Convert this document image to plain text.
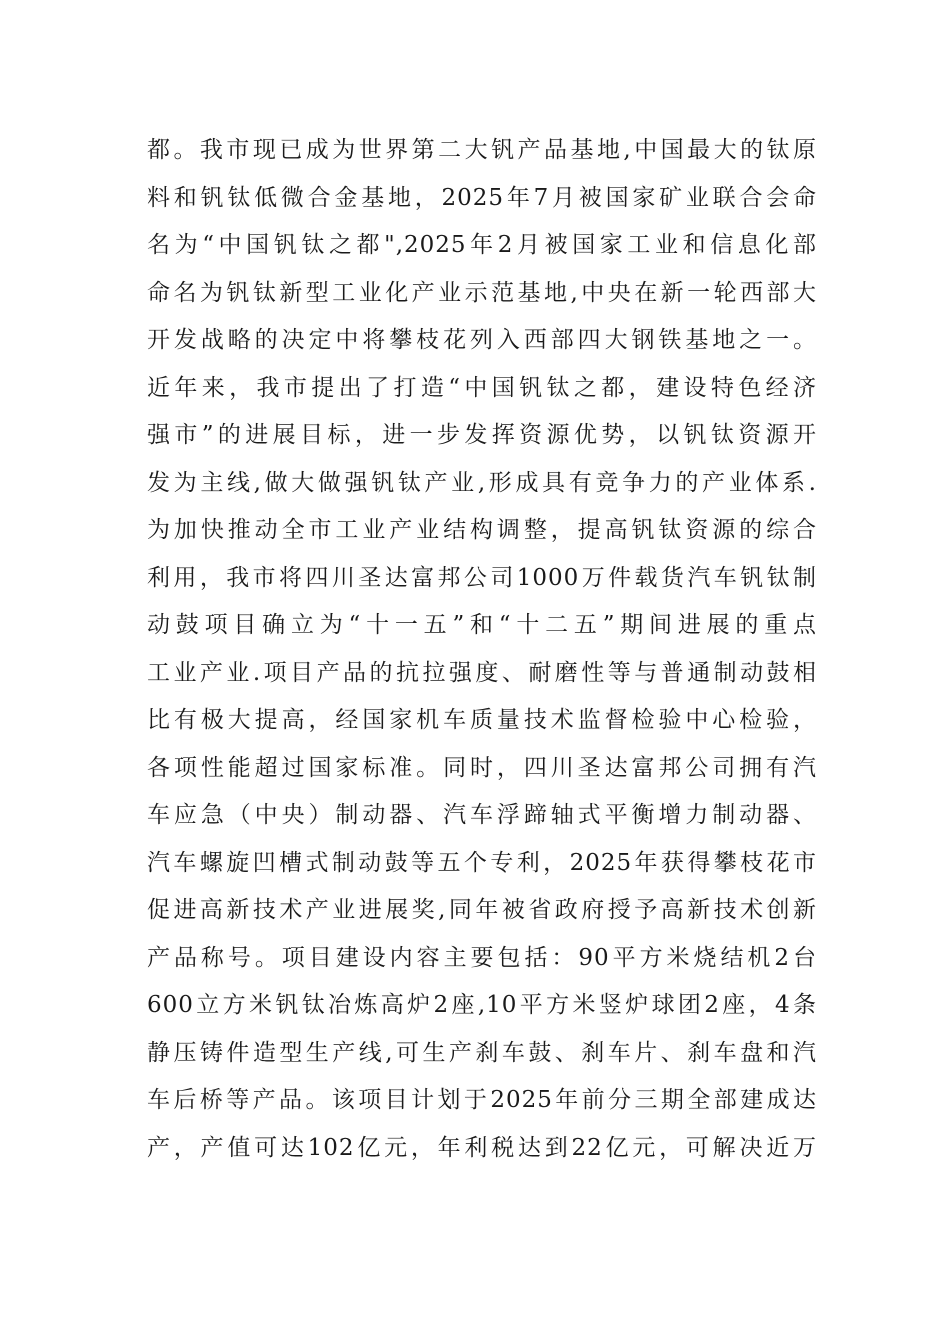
都。我市现已成为世界第二大钒产品基地,中国最大的钛原
料和钒钛低微合金基地，2025年7月被国家矿业联合会命
名为“中国钒钛之都",2025年2月被国家工业和信息化部
命名为钒钛新型工业化产业示范基地,中央在新一轮西部大
开发战略的决定中将攀枝花列入西部四大钢铁基地之一。
近年来，我市提出了打造“中国钒钛之都，建设特色经济
强市”的进展目标，进一步发挥资源优势，以钒钛资源开
发为主线,做大做强钒钛产业,形成具有竞争力的产业体系.
为加快推动全市工业产业结构调整，提高钒钛资源的综合
利用，我市将四川圣达富邦公司1000万件载货汽车钒钛制
动鼓项目确立为“十一五”和“十二五”期间进展的重点
工业产业.项目产品的抗拉强度、耐磨性等与普通制动鼓相
比有极大提高，经国家机车质量技术监督检验中心检验，
各项性能超过国家标准。同时，四川圣达富邦公司拥有汽
车应急（中央）制动器、汽车浮蹄轴式平衡增力制动器、
汽车螺旋凹槽式制动鼓等五个专利，2025年获得攀枝花市
促进高新技术产业进展奖,同年被省政府授予高新技术创新
产品称号。项目建设内容主要包括：90平方米烧结机2台
600立方米钒钛冶炼高炉2座,10平方米竖炉球团2座，4条
静压铸件造型生产线,可生产刹车鼓、刹车片、刹车盘和汽
车后桥等产品。该项目计划于2025年前分三期全部建成达
产，产值可达102亿元，年利税达到22亿元，可解决近万
